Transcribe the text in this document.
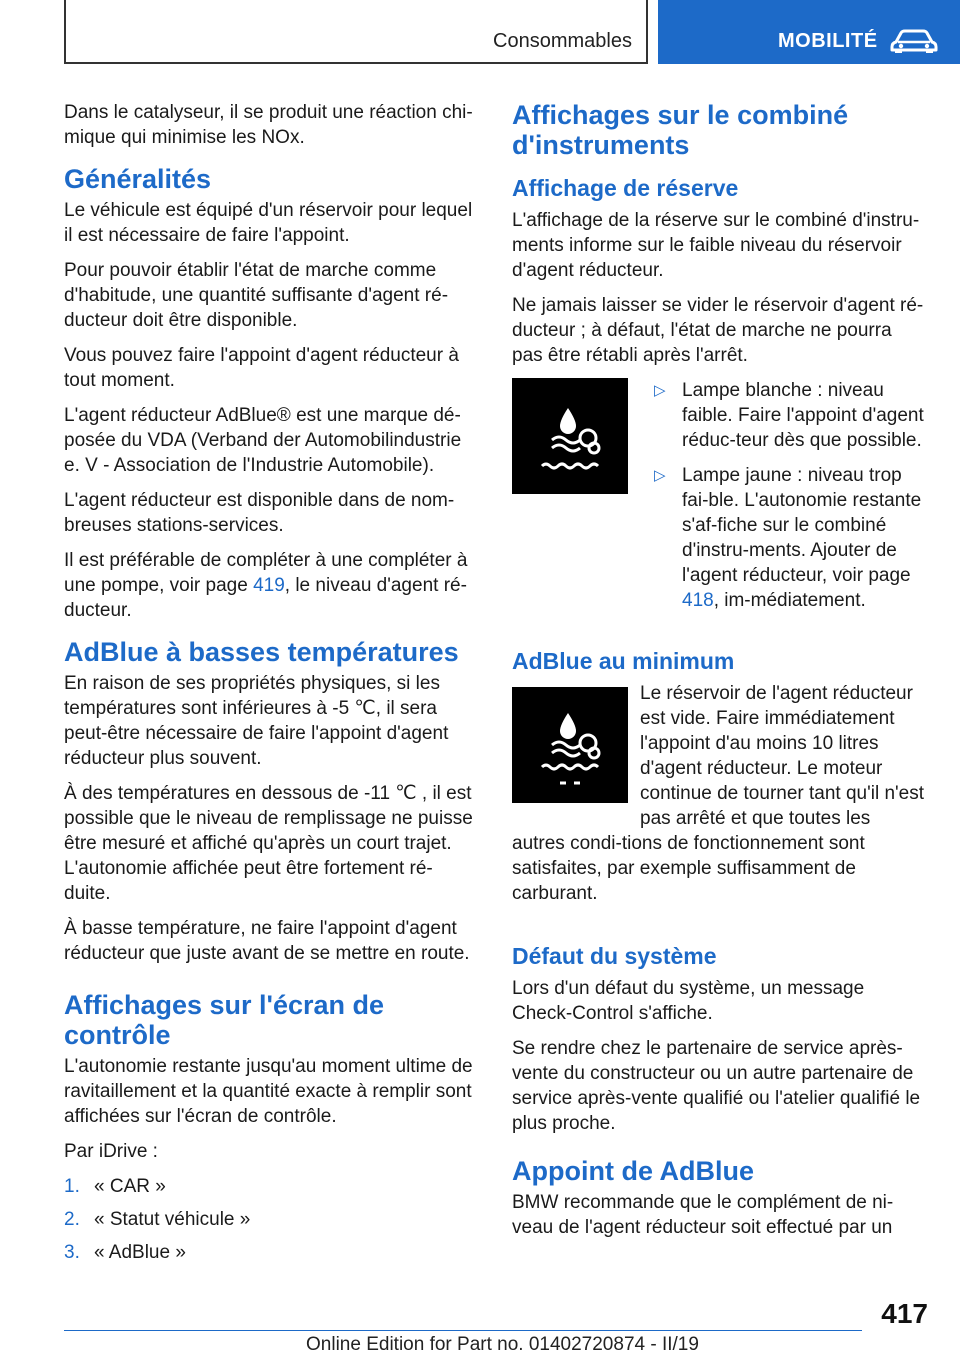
Consommables	MOBILITÉ

Dans le catalyseur, il se produit une réaction chi-mique qui minimise les NOx.

Généralités

Le véhicule est équipé d'un réservoir pour lequel il est nécessaire de faire l'appoint.

Pour pouvoir établir l'état de marche comme d'habitude, une quantité suffisante d'agent ré-ducteur doit être disponible.

Vous pouvez faire l'appoint d'agent réducteur à tout moment.

L'agent réducteur AdBlue® est une marque dé-posée du VDA (Verband der Automobilindustrie e. V - Association de l'Industrie Automobile).

L'agent réducteur est disponible dans de nom-breuses stations-services.

Il est préférable de compléter à une compléter à une pompe, voir page 419, le niveau d'agent ré-ducteur.

AdBlue à basses températures

En raison de ses propriétés physiques, si les températures sont inférieures à -5 ℃, il sera peut-être nécessaire de faire l'appoint d'agent réducteur plus souvent.

À des températures en dessous de -11 ℃ , il est possible que le niveau de remplissage ne puisse être mesuré et affiché qu'après un court trajet. L'autonomie affichée peut être fortement ré-duite.

À basse température, ne faire l'appoint d'agent réducteur que juste avant de se mettre en route.

Affichages sur l'écran de contrôle

L'autonomie restante jusqu'au moment ultime de ravitaillement et la quantité exacte à remplir sont affichées sur l'écran de contrôle.

Par iDrive :

1. « CAR »
2. « Statut véhicule »
3. « AdBlue »
Affichages sur le combiné d'instruments
Affichage de réserve

L'affichage de la réserve sur le combiné d'instru-ments informe sur le faible niveau du réservoir d'agent réducteur.

Ne jamais laisser se vider le réservoir d'agent ré-ducteur ; à défaut, l'état de marche ne pourra pas être rétabli après l'arrêt.

▷ Lampe blanche : niveau faible. Faire l'appoint d'agent réduc-teur dès que possible.
▷ Lampe jaune : niveau trop fai-ble. L'autonomie restante s'af-fiche sur le combiné d'instru-ments. Ajouter de l'agent réducteur, voir page 418, im-médiatement.
AdBlue au minimum

Le réservoir de l'agent réducteur est vide. Faire immédiatement l'appoint d'au moins 10 litres d'agent réducteur. Le moteur continue de tourner tant qu'il n'est pas arrêté et que toutes les autres condi-tions de fonctionnement sont satisfaites, par exemple suffisamment de carburant.

Défaut du système

Lors d'un défaut du système, un message Check-Control s'affiche.

Se rendre chez le partenaire de service après-vente du constructeur ou un autre partenaire de service après-vente qualifié ou l'atelier qualifié le plus proche.

Appoint de AdBlue

BMW recommande que le complément de ni-veau de l'agent réducteur soit effectué par un

417
Online Edition for Part no. 01402720874 - II/19
